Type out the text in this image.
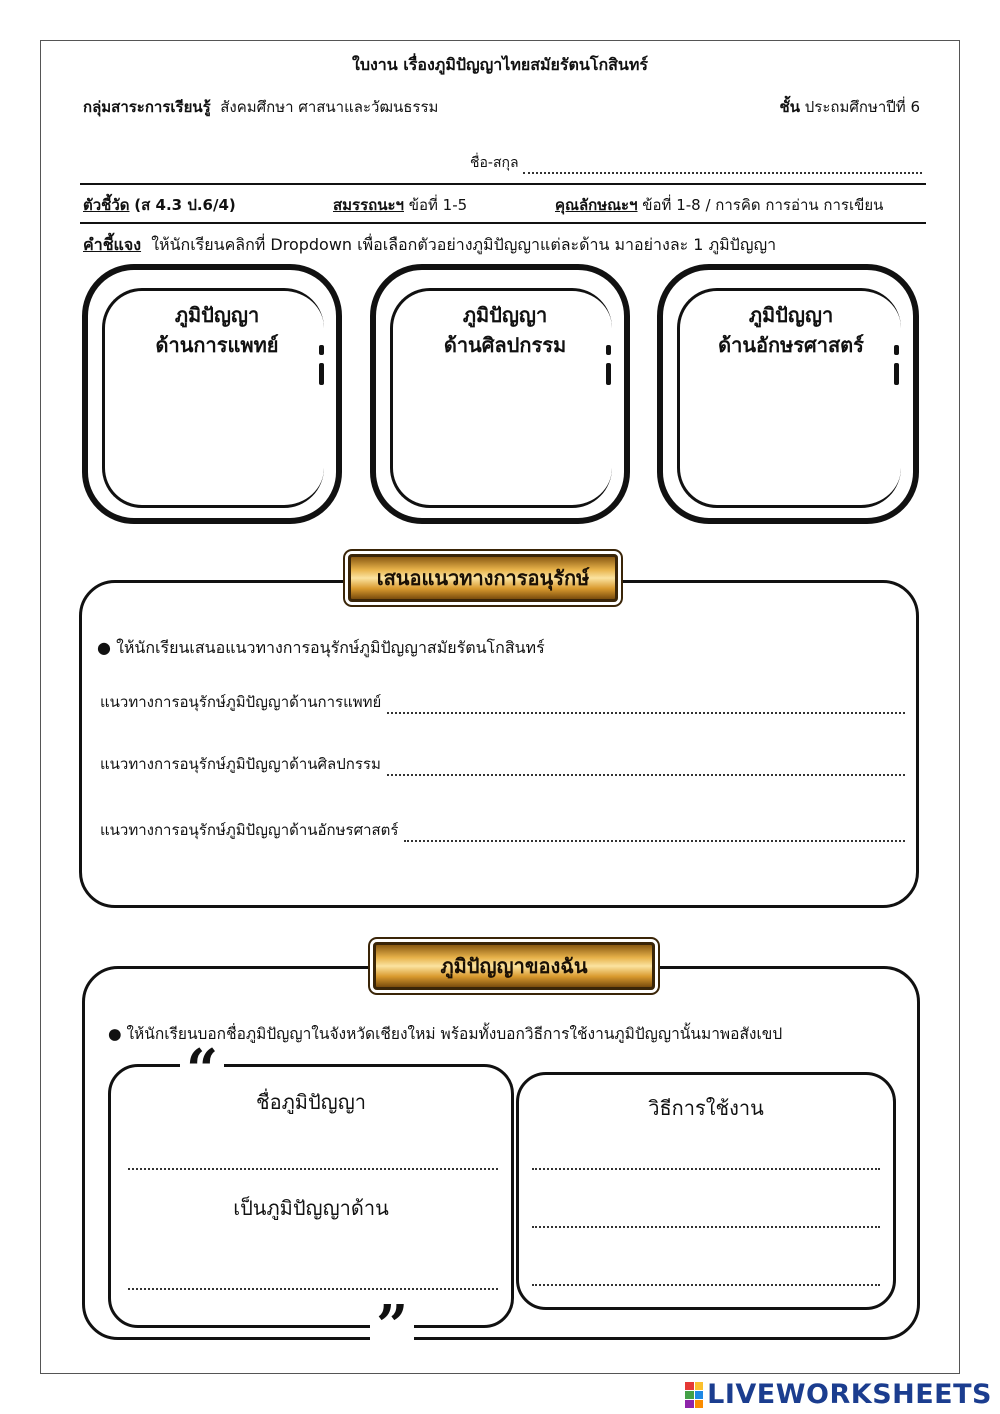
ใบงาน เรื่องภูมิปัญญาไทยสมัยรัตนโกสินทร์
กลุ่มสาระการเรียนรู้ สังคมศึกษา ศาสนาและวัฒนธรรม	ชั้น ประถมศึกษาปีที่ 6
ชื่อ-สกุล
ตัวชี้วัด (ส 4.3 ป.6/4)	สมรรถนะฯ ข้อที่ 1-5	คุณลักษณะฯ ข้อที่ 1-8 / การคิด การอ่าน การเขียน
คำชี้แจง ให้นักเรียนคลิกที่ Dropdown เพื่อเลือกตัวอย่างภูมิปัญญาแต่ละด้าน มาอย่างละ 1 ภูมิปัญญา
ภูมิปัญญา
ด้านการแพทย์
ภูมิปัญญา
ด้านศิลปกรรม
ภูมิปัญญา
ด้านอักษรศาสตร์
เสนอแนวทางการอนุรักษ์
● ให้นักเรียนเสนอแนวทางการอนุรักษ์ภูมิปัญญาสมัยรัตนโกสินทร์
แนวทางการอนุรักษ์ภูมิปัญญาด้านการแพทย์
แนวทางการอนุรักษ์ภูมิปัญญาด้านศิลปกรรม
แนวทางการอนุรักษ์ภูมิปัญญาด้านอักษรศาสตร์
ภูมิปัญญาของฉัน
● ให้นักเรียนบอกชื่อภูมิปัญญาในจังหวัดเชียงใหม่ พร้อมทั้งบอกวิธีการใช้งานภูมิปัญญานั้นมาพอสังเขป
“
”
ชื่อภูมิปัญญา
เป็นภูมิปัญญาด้าน
วิธีการใช้งาน
LIVEWORKSHEETS
